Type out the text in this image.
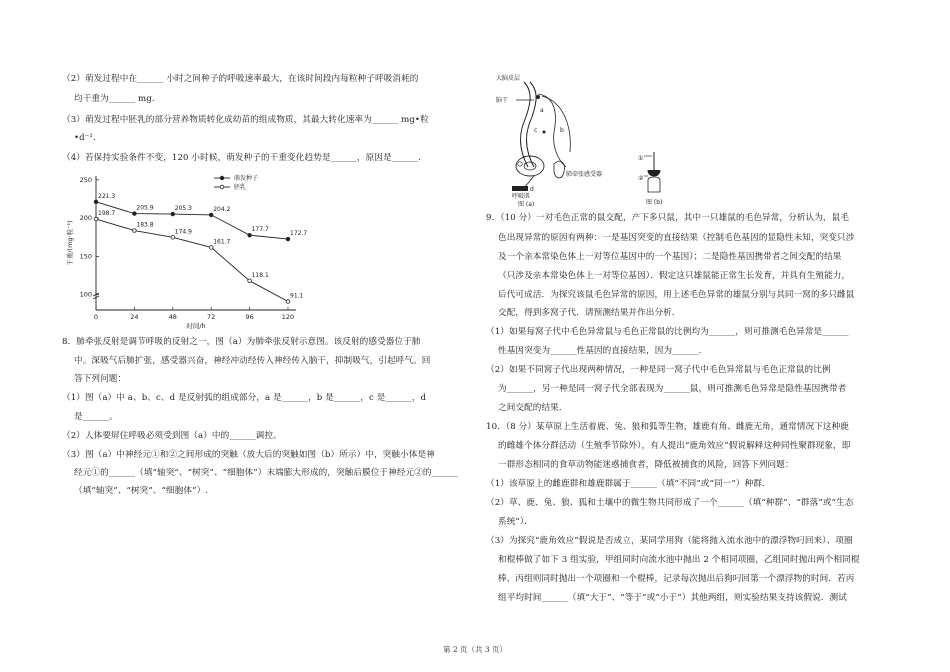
（2）萌发过程中在______ 小时之间种子的呼吸速率最大，在该时间段内每粒种子呼吸消耗的
均干重为______ mg.
（3）萌发过程中胚乳的部分营养物质转化成幼苗的组成物质，其最大转化速率为______ mg•粒
•d⁻¹.
（4）若保持实验条件不变，120 小时候，萌发种子的干重变化趋势是______，原因是______.
100
150
200
250
0	24	48	72	96	120
时间/h
干重/(mg·粒⁻¹)
221.3
205.9	205.3	204.2
177.7
172.7
198.7
183.8
174.9
161.7
118.1
91.1
萌发种子
胚乳
8．肺牵张反射是调节呼吸的反射之一，图（a）为肺牵张反射示意图。该反射的感受器位于肺
中。深吸气后肺扩张，感受器兴奋，神经冲动经传入神经传入脑干，抑制吸气，引起呼气。回
答下列问题：
（1）图（a）中 a、b、c、d 是反射弧的组成部分，a 是______，b 是______，c 是______，d
是______。
（2）人体要屏住呼吸必须受到图（a）中的______调控。
（3）图（a）中神经元①和②之间形成的突触（放大后的突触如图（b）所示）中，突触小体是神
经元①的______（填“轴突”、“树突”、“细胞体”）末端膨大形成的，突触后膜位于神经元②的______
（填“轴突”、“树突”、“细胞体”）.
大脑皮层
脑干
a
b
c
d
呼吸肌
肺牵张感受器
图 (a)
①
②
图 (b)
9．（10 分）一对毛色正常的鼠交配，产下多只鼠，其中一只雄鼠的毛色异常，分析认为，鼠毛
色出现异常的原因有两种：一是基因突变的直接结果（控制毛色基因的显隐性未知，突变只涉
及一个亲本常染色体上一对等位基因中的一个基因）；二是隐性基因携带者之间交配的结果
（只涉及亲本常染色体上一对等位基因）．假定这只雄鼠能正常生长发育，并具有生殖能力，
后代可成活．为探究该鼠毛色异常的原因，用上述毛色异常的雄鼠分别与其同一窝的多只雌鼠
交配，得到多窝子代．请预测结果并作出分析．
（1）如果每窝子代中毛色异常鼠与毛色正常鼠的比例均为______，则可推测毛色异常是______
性基因突变为______性基因的直接结果，因为______.
（2）如果不同窝子代出现两种情况，一种是同一窝子代中毛色异常鼠与毛色正常鼠的比例
为______，另一种是同一窝子代全部表现为______鼠，则可推测毛色异常是隐性基因携带者
之间交配的结果．
10．（8 分）某草原上生活着鹿、兔、狼和狐等生物，雄鹿有角、雌鹿无角，通常情况下这种鹿
的雌雄个体分群活动（生殖季节除外），有人提出“鹿角效应”假说解释这种同性聚群现象，即
一群形态相同的食草动物能迷惑捕食者，降低被捕食的风险，回答下列问题：
（1）该草原上的雌鹿群和雄鹿群属于______（填“不同”或“同一”）种群．
（2）草、鹿、兔、狼、狐和土壤中的微生物共同形成了一个______（填“种群”、“群落”或“生态
系统”）．
（3）为探究“鹿角效应”假说是否成立，某同学用狗（能将抛入流水池中的漂浮物叼回来）、项圈
和棍棒做了如下 3 组实验，甲组同时向流水池中抛出 2 个相同项圈，乙组同时抛出两个相同棍
棒，丙组则同时抛出一个项圈和一个棍棒，记录每次抛出后狗叼回第一个漂浮物的时间．若丙
组平均时间______（填“大于”、“等于”或“小于”）其他两组，则实验结果支持该假说．测试
第 2 页（共 3 页）
